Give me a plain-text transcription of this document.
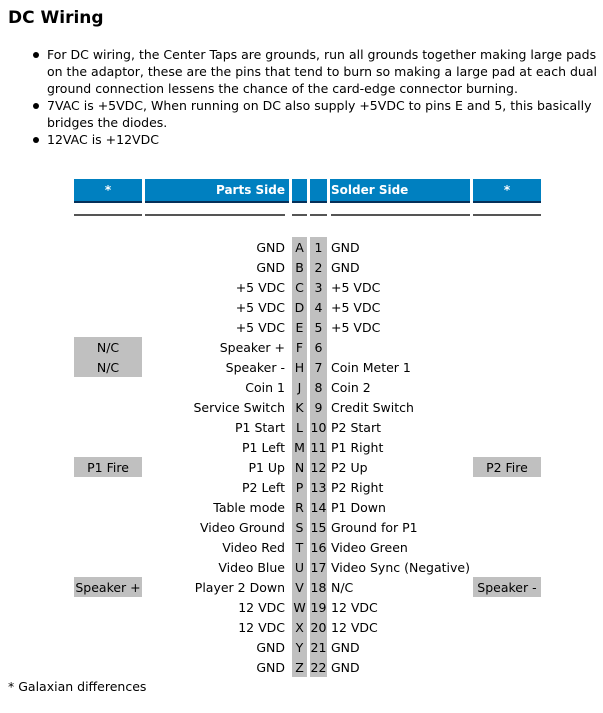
DC Wiring
For DC wiring, the Center Taps are grounds, run all grounds together making large pads on the adaptor, these are the pins that tend to burn so making a large pad at each dual ground connection lessens the chance of the card-edge connector burning.
7VAC is +5VDC, When running on DC also supply +5VDC to pins E and 5, this basically bridges the diodes.
12VAC is +12VDC
*	Parts Side			Solder Side	*

	GND	A	1	GND	
	GND	B	2	GND	
	+5 VDC	C	3	+5 VDC	
	+5 VDC	D	4	+5 VDC	
	+5 VDC	E	5	+5 VDC	
N/C	Speaker +	F	6		
N/C	Speaker -	H	7	Coin Meter 1	
	Coin 1	J	8	Coin 2	
	Service Switch	K	9	Credit Switch	
	P1 Start	L	10	P2 Start	
	P1 Left	M	11	P1 Right	
P1 Fire	P1 Up	N	12	P2 Up	P2 Fire
	P2 Left	P	13	P2 Right	
	Table mode	R	14	P1 Down	
	Video Ground	S	15	Ground for P1	
	Video Red	T	16	Video Green	
	Video Blue	U	17	Video Sync (Negative)	
Speaker +	Player 2 Down	V	18	N/C	Speaker -
	12 VDC	W	19	12 VDC	
	12 VDC	X	20	12 VDC	
	GND	Y	21	GND	
	GND	Z	22	GND	
* Galaxian differences
